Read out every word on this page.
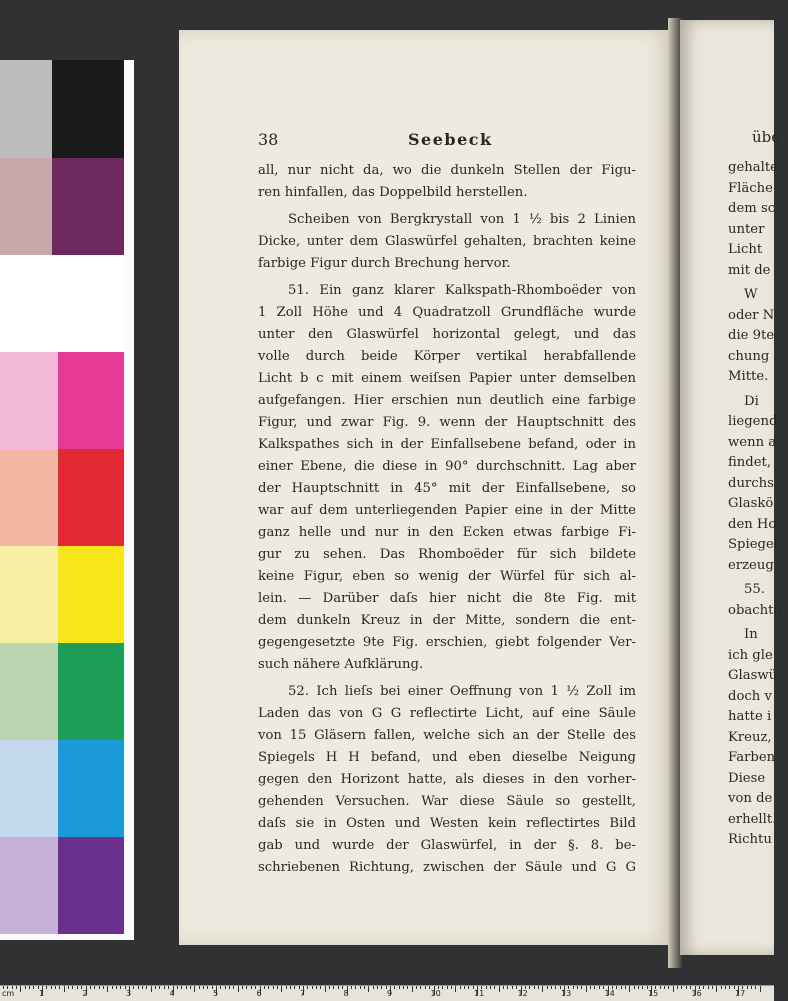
38	Seebeck
all, nur nicht da, wo die dunkeln Stellen der Figu-
ren hinfallen, das Doppelbild herstellen.
Scheiben von Bergkrystall von 1 ½ bis 2 Linien
Dicke, unter dem Glaswürfel gehalten, brachten keine
farbige Figur durch Brechung hervor.
51. Ein ganz klarer Kalkspath-Rhomboëder von
1 Zoll Höhe und 4 Quadratzoll Grundfläche wurde
unter den Glaswürfel horizontal gelegt, und das
volle durch beide Körper vertikal herabfallende
Licht b c mit einem weiſsen Papier unter demselben
aufgefangen. Hier erschien nun deutlich eine farbige
Figur, und zwar Fig. 9. wenn der Hauptschnitt des
Kalkspathes sich in der Einfallsebene befand, oder in
einer Ebene, die diese in 90° durchschnitt. Lag aber
der Hauptschnitt in 45° mit der Einfallsebene, so
war auf dem unterliegenden Papier eine in der Mitte
ganz helle und nur in den Ecken etwas farbige Fi-
gur zu sehen. Das Rhomboëder für sich bildete
keine Figur, eben so wenig der Würfel für sich al-
lein. — Darüber daſs hier nicht die 8te Fig. mit
dem dunkeln Kreuz in der Mitte, sondern die ent-
gegengesetzte 9te Fig. erschien, giebt folgender Ver-
such nähere Aufklärung.
52. Ich lieſs bei einer Oeffnung von 1 ½ Zoll im
Laden das von G G reflectirte Licht, auf eine Säule
von 15 Gläsern fallen, welche sich an der Stelle des
Spiegels H H befand, und eben dieselbe Neigung
gegen den Horizont hatte, als dieses in den vorher-
gehenden Versuchen. War diese Säule so gestellt,
daſs sie in Osten und Westen kein reflectirtes Bild
gab und wurde der Glaswürfel, in der §. 8. be-
schriebenen Richtung, zwischen der Säule und G G
übe
gehalte
Fläche
dem sc
unter
Licht
mit de
W
oder N
die 9te
chung
Mitte.
Di
liegend
wenn a
findet,
durchs
Glaskö
den Ho
Spiegel
erzeug
55.
obachtu
In
ich gle
Glaswü
doch v
hatte i
Kreuz,
Farben
Diese
von de
erhellt.
Richtu
cm	1	2	3	4	5	6	7	8	9	10	11	12	13	14	15	16	17
